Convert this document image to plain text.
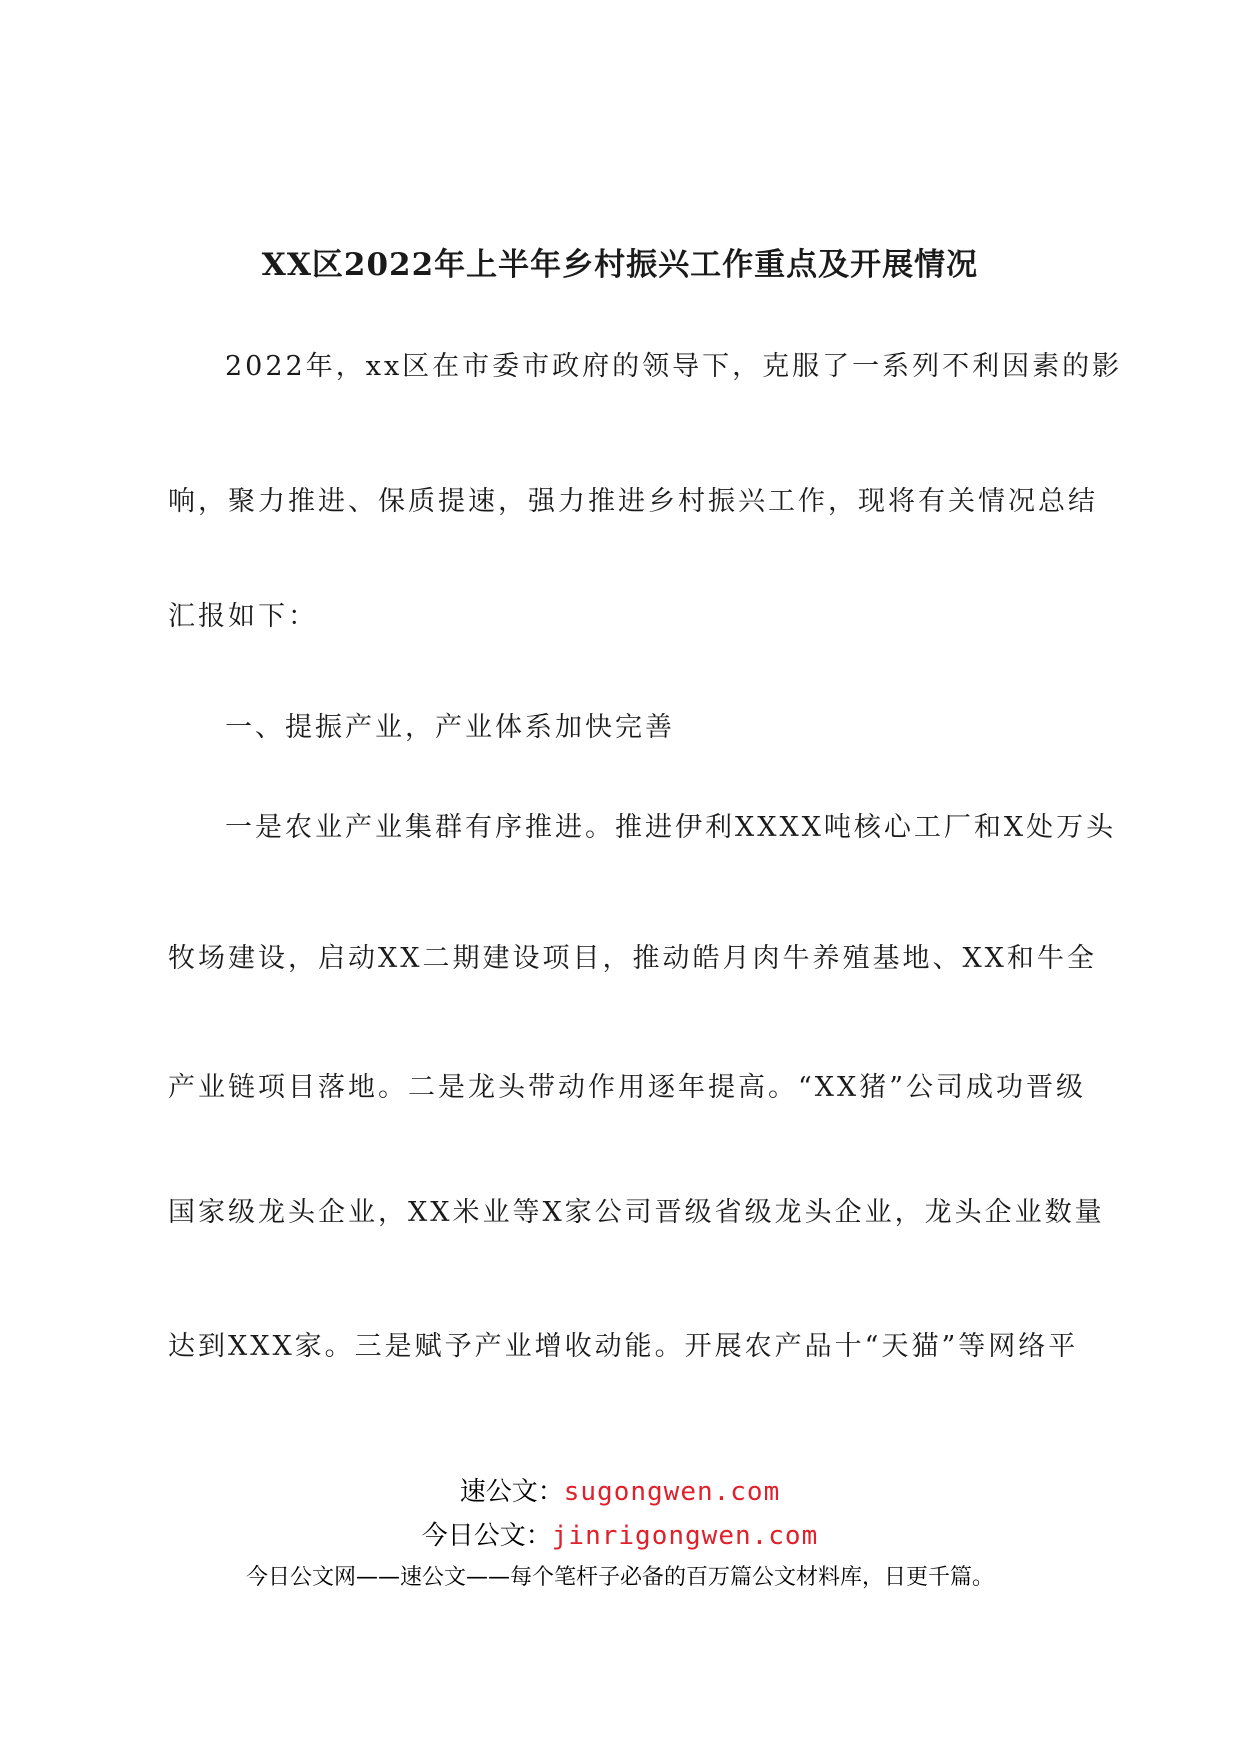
XX区2022年上半年乡村振兴工作重点及开展情况
2022年，xx区在市委市政府的领导下，克服了一系列不利因素的影
响，聚力推进、保质提速，强力推进乡村振兴工作，现将有关情况总结
汇报如下：
一、提振产业，产业体系加快完善
一是农业产业集群有序推进。推进伊利XXXX吨核心工厂和X处万头
牧场建设，启动XX二期建设项目，推动皓月肉牛养殖基地、XX和牛全
产业链项目落地。二是龙头带动作用逐年提高。“XX猪”公司成功晋级
国家级龙头企业，XX米业等X家公司晋级省级龙头企业，龙头企业数量
达到XXX家。三是赋予产业增收动能。开展农产品十“天猫”等网络平
速公文：sugongwen.com
今日公文：jinrigongwen.com
今日公文网——速公文——每个笔杆子必备的百万篇公文材料库，日更千篇。
